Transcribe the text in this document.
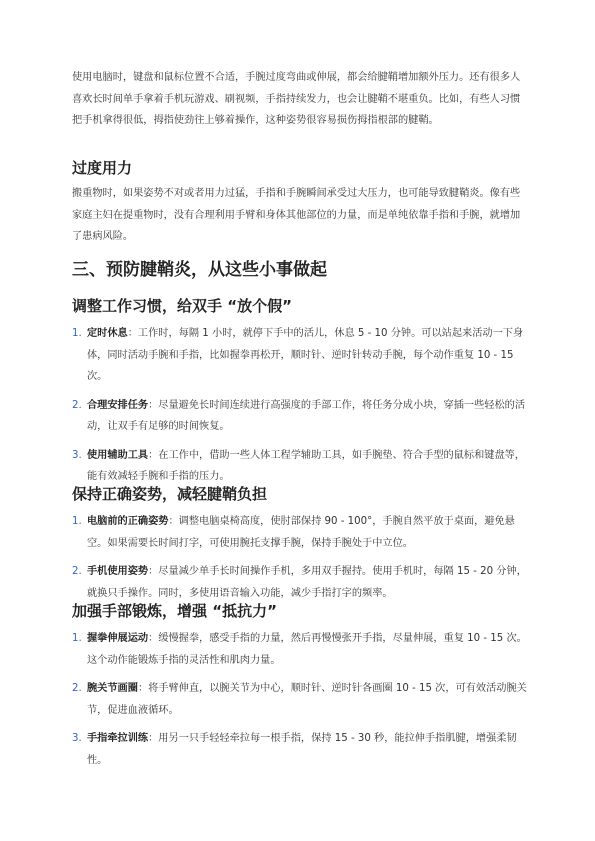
使用电脑时，键盘和鼠标位置不合适，手腕过度弯曲或伸展，都会给腱鞘增加额外压力。还有很多人喜欢长时间单手拿着手机玩游戏、刷视频，手指持续发力，也会让腱鞘不堪重负。比如，有些人习惯把手机拿得很低，拇指使劲往上够着操作，这种姿势很容易损伤拇指根部的腱鞘。

过度用力

搬重物时，如果姿势不对或者用力过猛，手指和手腕瞬间承受过大压力，也可能导致腱鞘炎。像有些家庭主妇在提重物时，没有合理利用手臂和身体其他部位的力量，而是单纯依靠手指和手腕，就增加了患病风险。

三、预防腱鞘炎，从这些小事做起
调整工作习惯，给双手 “放个假”
1. 定时休息：工作时，每隔 1 小时，就停下手中的活儿，休息 5 - 10 分钟。可以站起来活动一下身体，同时活动手腕和手指，比如握拳再松开，顺时针、逆时针转动手腕，每个动作重复 10 - 15 次。
2. 合理安排任务：尽量避免长时间连续进行高强度的手部工作，将任务分成小块，穿插一些轻松的活动，让双手有足够的时间恢复。
3. 使用辅助工具：在工作中，借助一些人体工程学辅助工具，如手腕垫、符合手型的鼠标和键盘等，能有效减轻手腕和手指的压力。
保持正确姿势，减轻腱鞘负担
1. 电脑前的正确姿势：调整电脑桌椅高度，使肘部保持 90 - 100°，手腕自然平放于桌面，避免悬空。如果需要长时间打字，可使用腕托支撑手腕，保持手腕处于中立位。
2. 手机使用姿势：尽量减少单手长时间操作手机，多用双手握持。使用手机时，每隔 15 - 20 分钟，就换只手操作。同时，多使用语音输入功能，减少手指打字的频率。
加强手部锻炼，增强 “抵抗力”
1. 握拳伸展运动：缓慢握拳，感受手指的力量，然后再慢慢张开手指，尽量伸展，重复 10 - 15 次。这个动作能锻炼手指的灵活性和肌肉力量。
2. 腕关节画圈：将手臂伸直，以腕关节为中心，顺时针、逆时针各画圈 10 - 15 次，可有效活动腕关节，促进血液循环。
3. 手指牵拉训练：用另一只手轻轻牵拉每一根手指，保持 15 - 30 秒，能拉伸手指肌腱，增强柔韧性。
